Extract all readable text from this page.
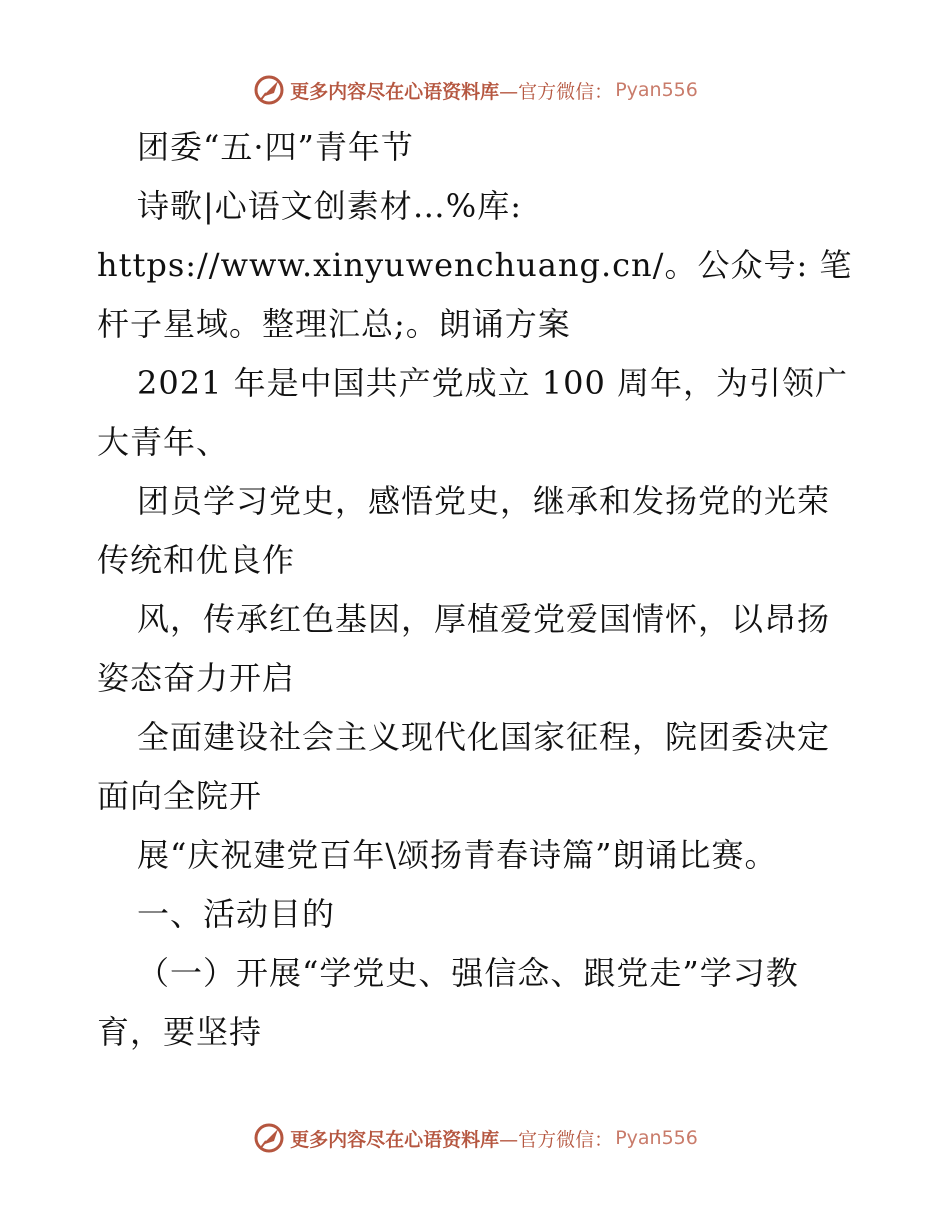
更多内容尽在心语资料库 —官方微信： Pyan556

团委“五·四”青年节

诗歌|心语文创素材…%库: https://www.xinyuwenchuang.cn/。公众号: 笔杆子星域。整理汇总;。朗诵方案

2021 年是中国共产党成立 100 周年，为引领广大青年、

团员学习党史，感悟党史，继承和发扬党的光荣传统和优良作

风，传承红色基因，厚植爱党爱国情怀，以昂扬姿态奋力开启

全面建设社会主义现代化国家征程，院团委决定面向全院开

展“庆祝建党百年\颂扬青春诗篇”朗诵比赛。

一、活动目的

（一）开展“学党史、强信念、跟党走”学习教育，要坚持

更多内容尽在心语资料库 —官方微信： Pyan556
